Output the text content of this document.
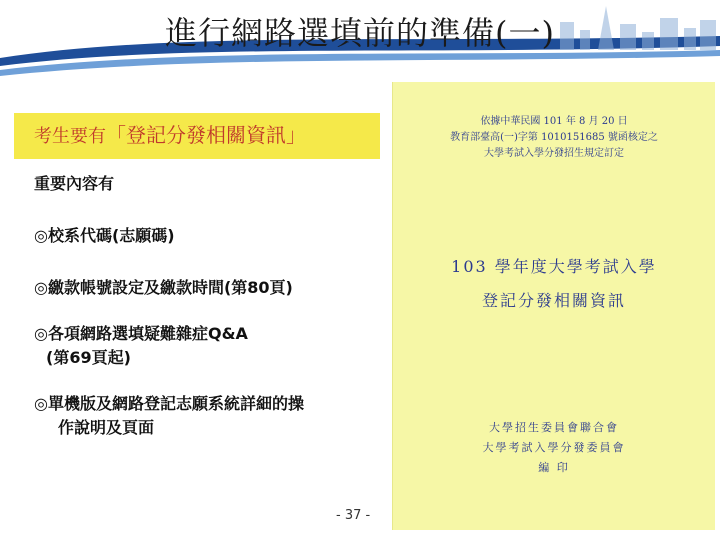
進行網路選填前的準備(一)
考生要有「登記分發相關資訊」

重要內容有

◎校系代碼(志願碼)

◎繳款帳號設定及繳款時間(第80頁)

◎各項網路選填疑難雜症Q&A

(第69頁起)

◎單機版及網路登記志願系統詳細的操

作說明及頁面

- 37 -
依據中華民國 101 年 8 月 20 日
教育部臺高(一)字第 1010151685 號函核定之
大學考試入學分發招生規定訂定
103 學年度大學考試入學
登記分發相關資訊
大學招生委員會聯合會
大學考試入學分發委員會
編 印
